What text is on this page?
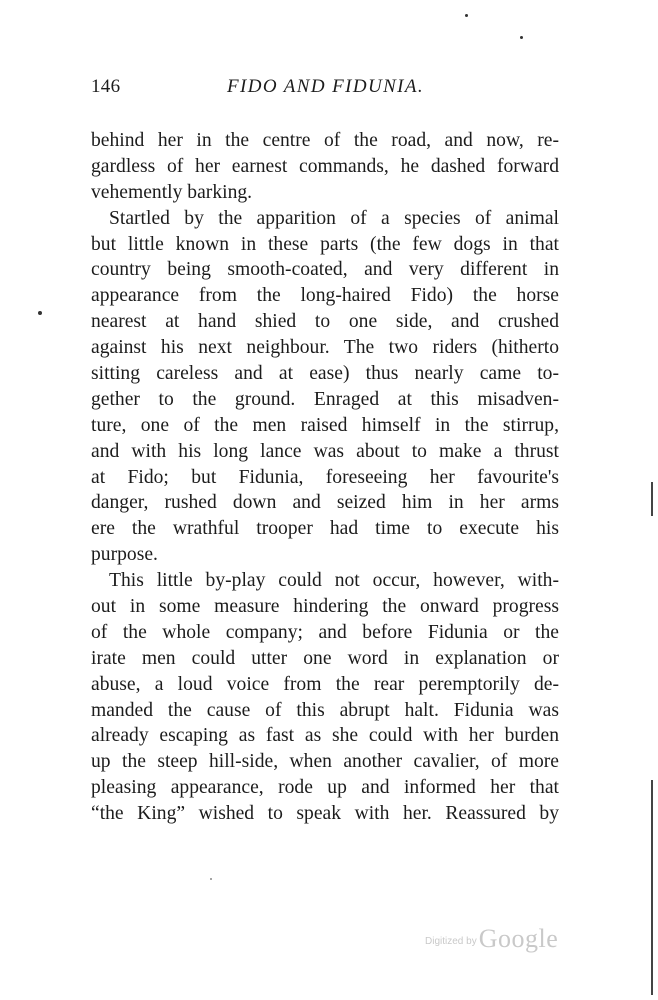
146	FIDO AND FIDUNIA.
behind her in the centre of the road, and now, re-
gardless of her earnest commands, he dashed forward
vehemently barking.
Startled by the apparition of a species of animal
but little known in these parts (the few dogs in that
country being smooth-coated, and very different in
appearance from the long-haired Fido) the horse
nearest at hand shied to one side, and crushed
against his next neighbour. The two riders (hitherto
sitting careless and at ease) thus nearly came to-
gether to the ground. Enraged at this misadven-
ture, one of the men raised himself in the stirrup,
and with his long lance was about to make a thrust
at Fido; but Fidunia, foreseeing her favourite's
danger, rushed down and seized him in her arms
ere the wrathful trooper had time to execute his
purpose.
This little by-play could not occur, however, with-
out in some measure hindering the onward progress
of the whole company; and before Fidunia or the
irate men could utter one word in explanation or
abuse, a loud voice from the rear peremptorily de-
manded the cause of this abrupt halt. Fidunia was
already escaping as fast as she could with her burden
up the steep hill-side, when another cavalier, of more
pleasing appearance, rode up and informed her that
“the King” wished to speak with her. Reassured by
Digitized byGoogle
